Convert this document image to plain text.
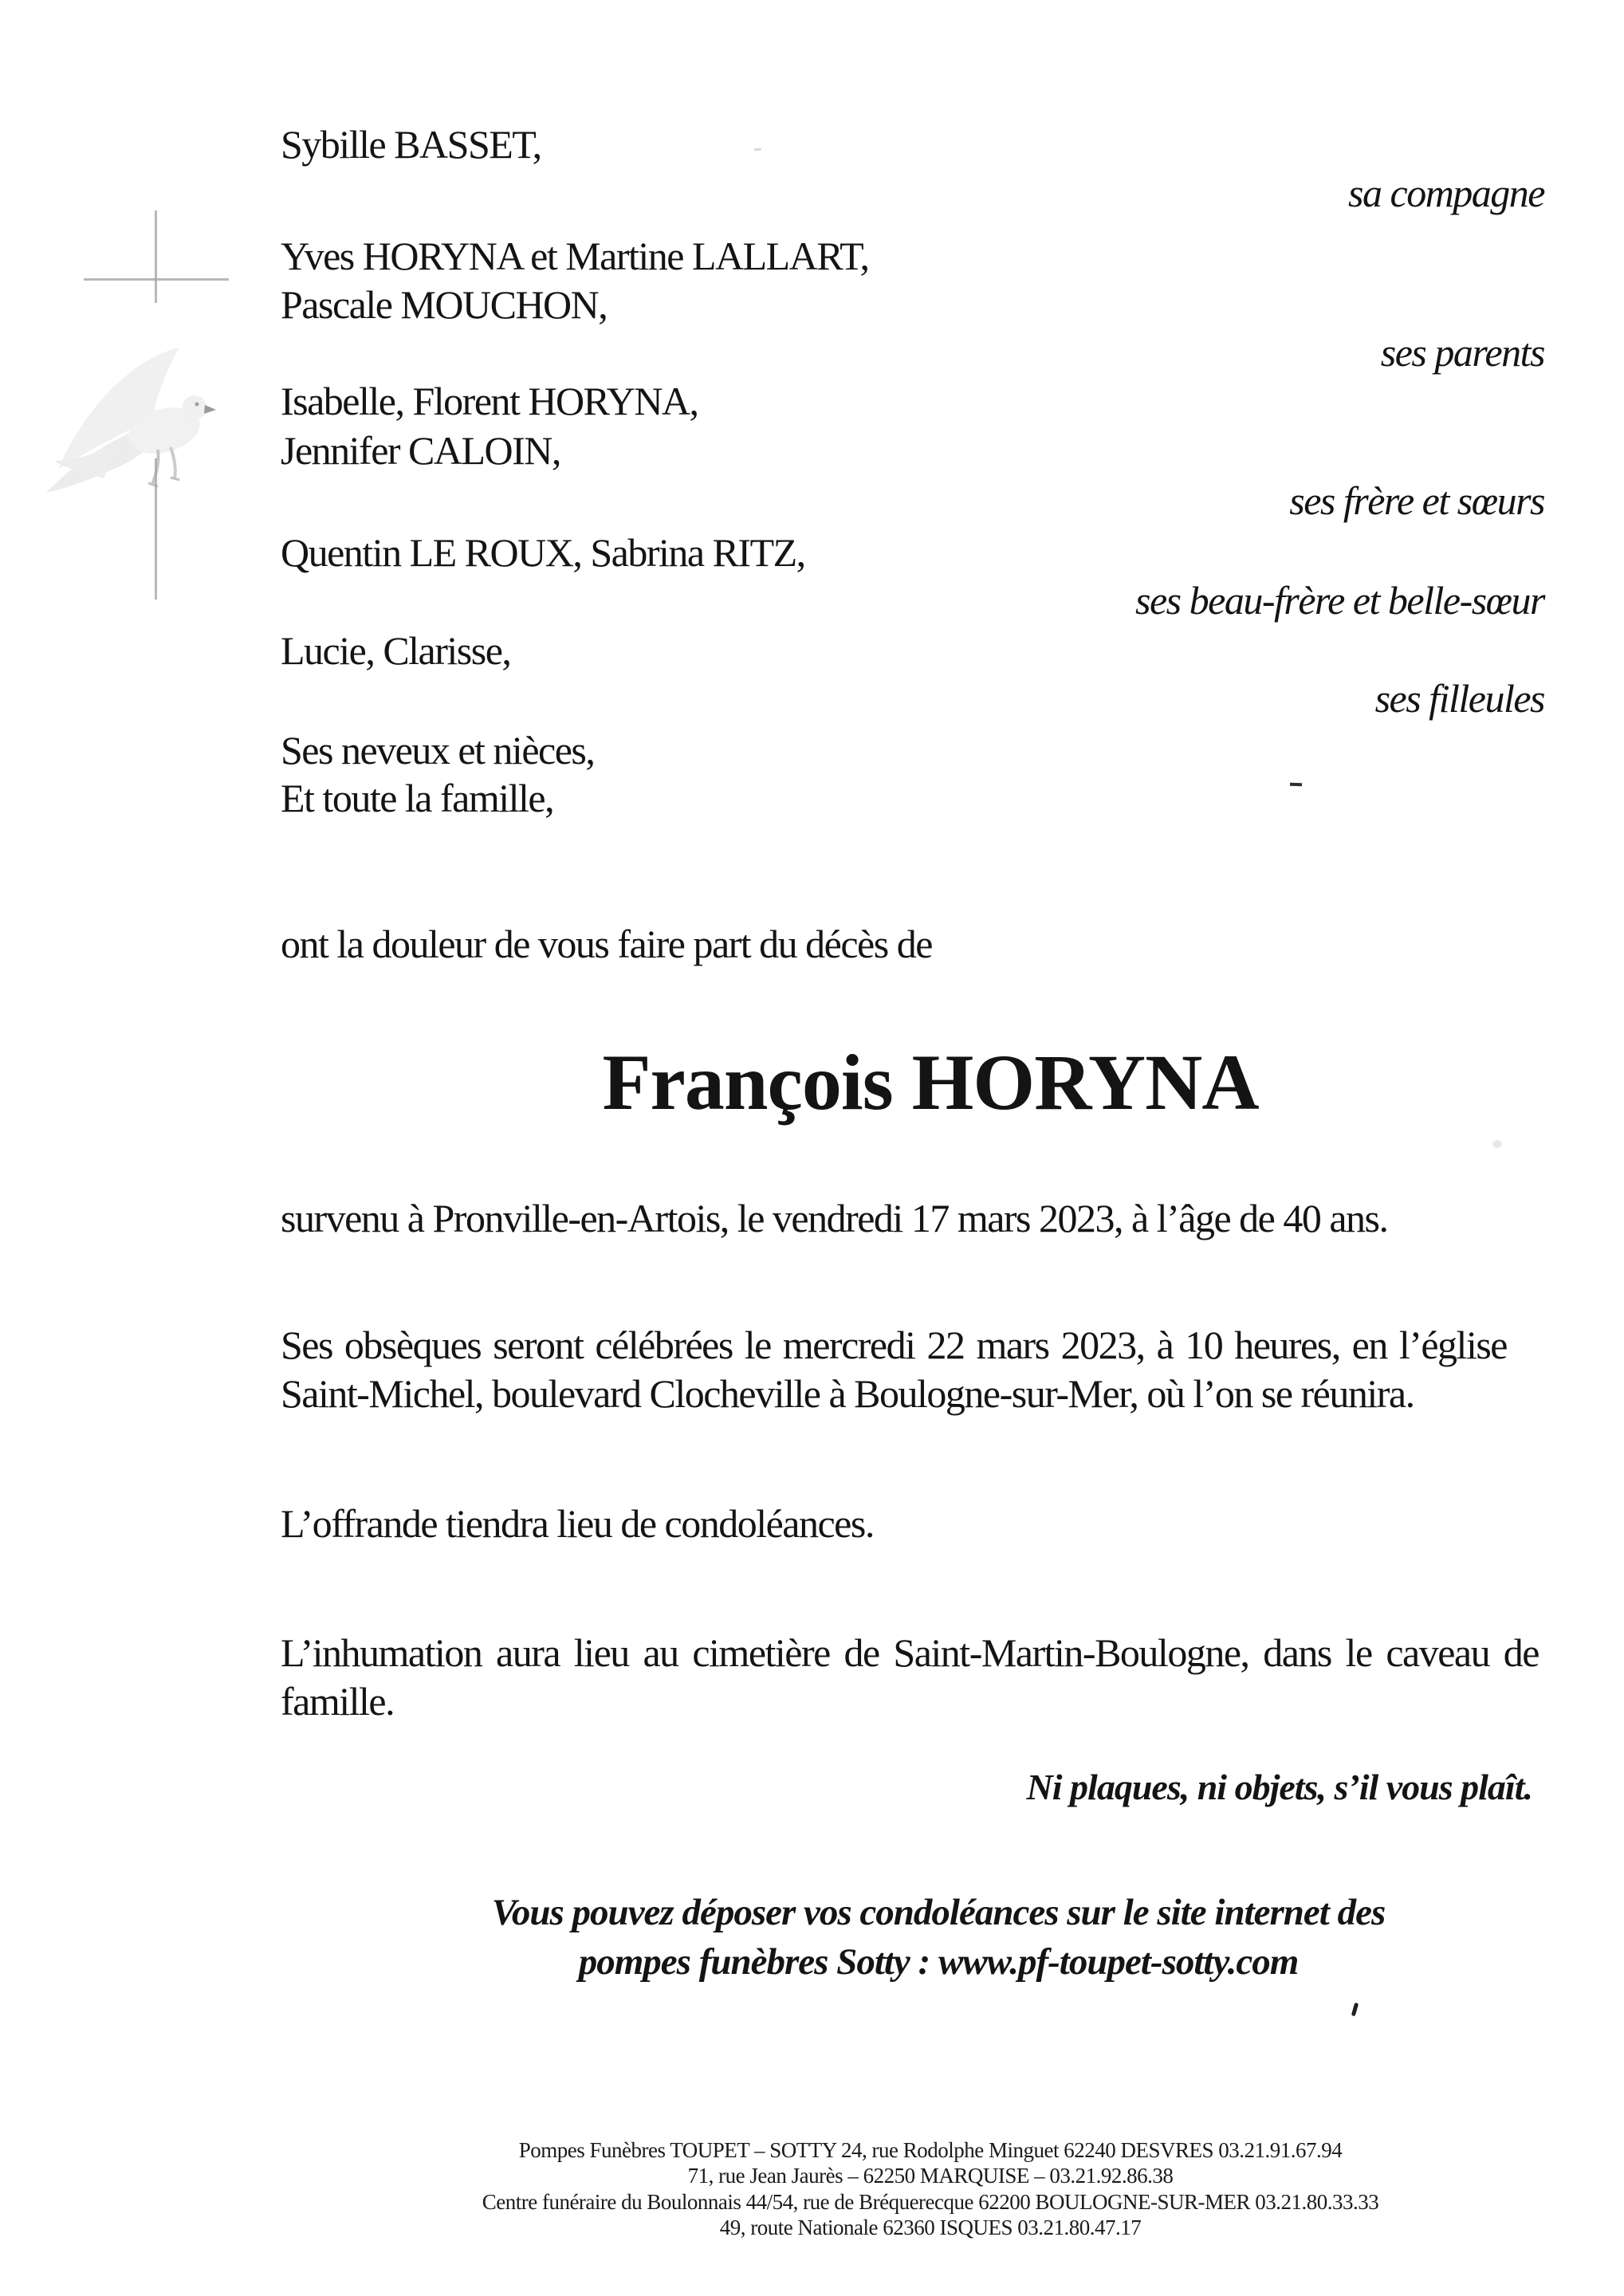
Sybille BASSET,
sa compagne
Yves HORYNA et Martine LALLART,
Pascale MOUCHON,
ses parents
Isabelle, Florent HORYNA,
Jennifer CALOIN,
ses frère et sœurs
Quentin LE ROUX, Sabrina RITZ,
ses beau-frère et belle-sœur
Lucie, Clarisse,
ses filleules
Ses neveux et nièces,
Et toute la famille,
ont la douleur de vous faire part du décès de
François HORYNA
survenu à Pronville-en-Artois, le vendredi 17 mars 2023, à l’âge de 40 ans.
Ses obsèques seront célébrées le mercredi 22 mars 2023, à 10 heures, en l’église
Saint-Michel, boulevard Clocheville à Boulogne-sur-Mer, où l’on se réunira.
L’offrande tiendra lieu de condoléances.
L’inhumation aura lieu au cimetière de Saint-Martin-Boulogne, dans le caveau de
famille.
Ni plaques, ni objets, s’il vous plaît.
Vous pouvez déposer vos condoléances sur le site internet des
pompes funèbres Sotty : www.pf-toupet-sotty.com
Pompes Funèbres TOUPET – SOTTY 24, rue Rodolphe Minguet 62240 DESVRES 03.21.91.67.94
71, rue Jean Jaurès – 62250 MARQUISE – 03.21.92.86.38
Centre funéraire du Boulonnais 44/54, rue de Bréquerecque 62200 BOULOGNE-SUR-MER 03.21.80.33.33
49, route Nationale 62360 ISQUES 03.21.80.47.17
